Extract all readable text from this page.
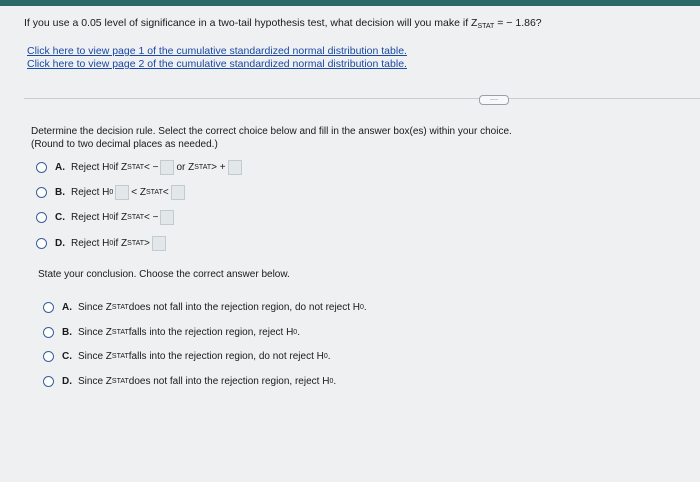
If you use a 0.05 level of significance in a two-tail hypothesis test, what decision will you make if $Z_{STAT}$ = − 1.86?
Click here to view page 1 of the cumulative standardized normal distribution table.
Click here to view page 2 of the cumulative standardized normal distribution table.
....
Determine the decision rule. Select the correct choice below and fill in the answer box(es) within your choice.
(Round to two decimal places as needed.)
A. Reject H 0 if Z STAT < − or Z STAT > +
B. Reject H 0 < Z STAT <
C. Reject H 0 if Z STAT < −
D. Reject H 0 if Z STAT >
State your conclusion. Choose the correct answer below.
A. Since Z STAT does not fall into the rejection region, do not reject H 0 .
B. Since Z STAT falls into the rejection region, reject H 0 .
C. Since Z STAT falls into the rejection region, do not reject H 0 .
D. Since Z STAT does not fall into the rejection region, reject H 0 .
